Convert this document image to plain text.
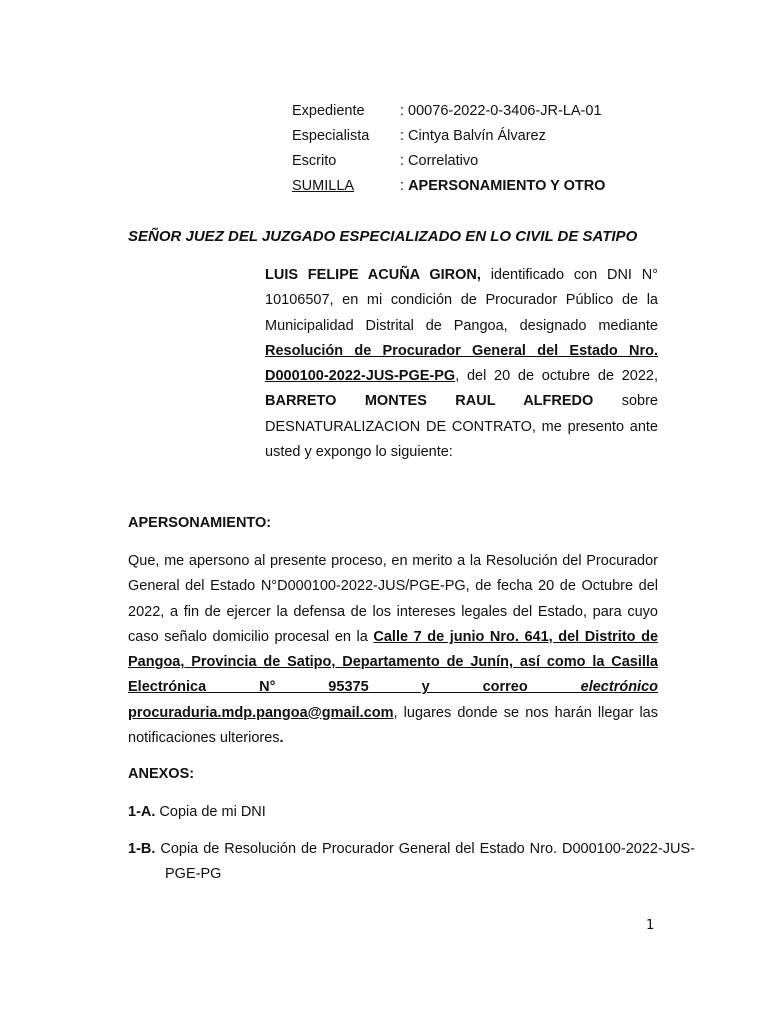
Expediente	: 00076-2022-0-3406-JR-LA-01
Especialista	: Cintya Balvín Álvarez
Escrito	: Correlativo
SUMILLA	: APERSONAMIENTO Y OTRO
SEÑOR JUEZ DEL JUZGADO ESPECIALIZADO EN LO CIVIL DE SATIPO
LUIS FELIPE ACUÑA GIRON, identificado con DNI N° 10106507, en mi condición de Procurador Público de la Municipalidad Distrital de Pangoa, designado mediante Resolución de Procurador General del Estado Nro. D000100-2022-JUS-PGE-PG, del 20 de octubre de 2022, BARRETO MONTES RAUL ALFREDO sobre DESNATURALIZACION DE CONTRATO, me presento ante usted y expongo lo siguiente:
APERSONAMIENTO:
Que, me apersono al presente proceso, en merito a la Resolución del Procurador General del Estado N°D000100-2022-JUS/PGE-PG, de fecha 20 de Octubre del 2022, a fin de ejercer la defensa de los intereses legales del Estado, para cuyo caso señalo domicilio procesal en la Calle 7 de junio Nro. 641, del Distrito de Pangoa, Provincia de Satipo, Departamento de Junín, así como la Casilla Electrónica N° 95375 y correo electrónico procuraduria.mdp.pangoa@gmail.com, lugares donde se nos harán llegar las notificaciones ulteriores.
ANEXOS:
1-A. Copia de mi DNI
1-B. Copia de Resolución de Procurador General del Estado Nro. D000100-2022-JUS-PGE-PG
1
